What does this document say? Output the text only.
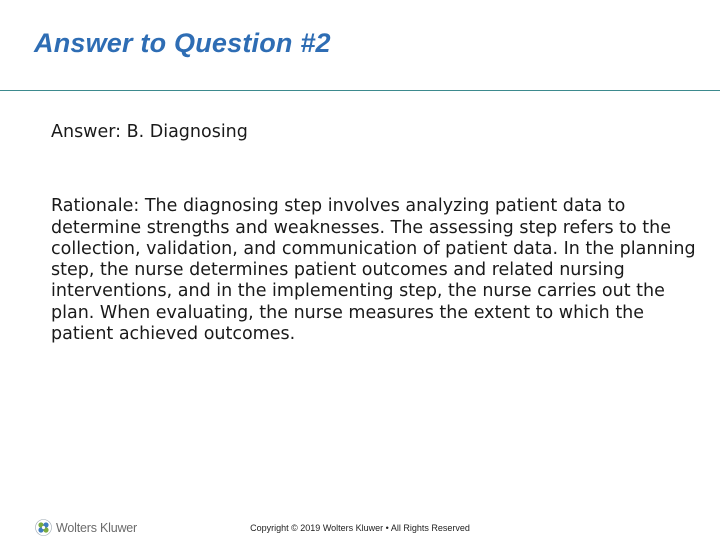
Answer to Question #2

Answer: B. Diagnosing

Rationale: The diagnosing step involves analyzing patient data to determine strengths and weaknesses. The assessing step refers to the collection, validation, and communication of patient data. In the planning step, the nurse determines patient outcomes and related nursing interventions, and in the implementing step, the nurse carries out the plan. When evaluating, the nurse measures the extent to which the patient achieved outcomes.

Wolters Kluwer	Copyright © 2019 Wolters Kluwer • All Rights Reserved
